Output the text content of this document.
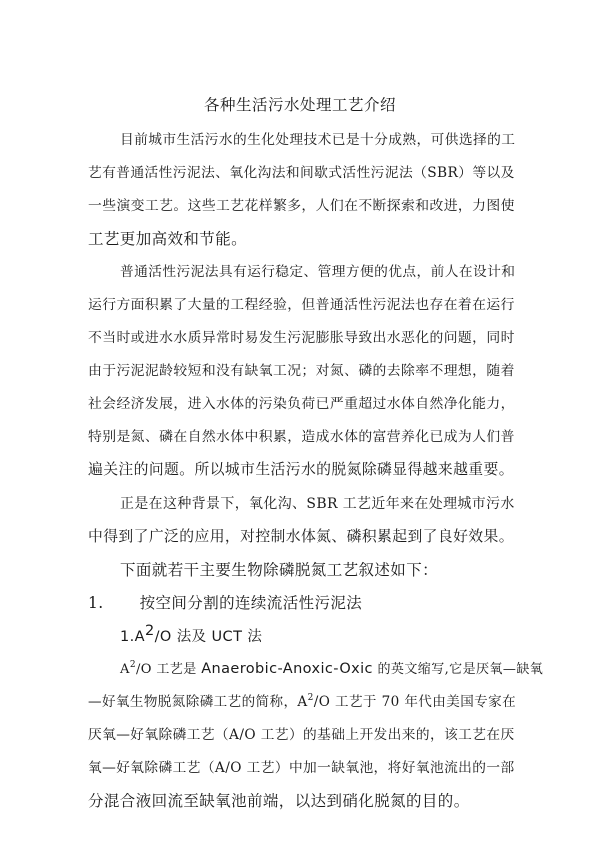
各种生活污水处理工艺介绍
目前城市生活污水的生化处理技术已是十分成熟，可供选择的工
艺有普通活性污泥法、氧化沟法和间歇式活性污泥法（SBR）等以及
一些演变工艺。这些工艺花样繁多，人们在不断探索和改进，力图使
工艺更加高效和节能。
普通活性污泥法具有运行稳定、管理方便的优点，前人在设计和
运行方面积累了大量的工程经验，但普通活性污泥法也存在着在运行
不当时或进水水质异常时易发生污泥膨胀导致出水恶化的问题，同时
由于污泥泥龄较短和没有缺氧工况；对氮、磷的去除率不理想，随着
社会经济发展，进入水体的污染负荷已严重超过水体自然净化能力，
特别是氮、磷在自然水体中积累，造成水体的富营养化已成为人们普
遍关注的问题。所以城市生活污水的脱氮除磷显得越来越重要。
正是在这种背景下，氧化沟、SBR 工艺近年来在处理城市污水
中得到了广泛的应用，对控制水体氮、磷积累起到了良好效果。
下面就若干主要生物除磷脱氮工艺叙述如下：
1. 按空间分割的连续流活性污泥法
$1.A^2/O$ 法及 UCT 法
$A^2/O$ 工艺是 Anaerobic-Anoxic-Oxic 的英文缩写,它是厌氧—缺氧
—好氧生物脱氮除磷工艺的简称，$A^2/O$ 工艺于 70 年代由美国专家在
厌氧—好氧除磷工艺（A/O 工艺）的基础上开发出来的，该工艺在厌
氧—好氧除磷工艺（A/O 工艺）中加一缺氧池，将好氧池流出的一部
分混合液回流至缺氧池前端，以达到硝化脱氮的目的。
